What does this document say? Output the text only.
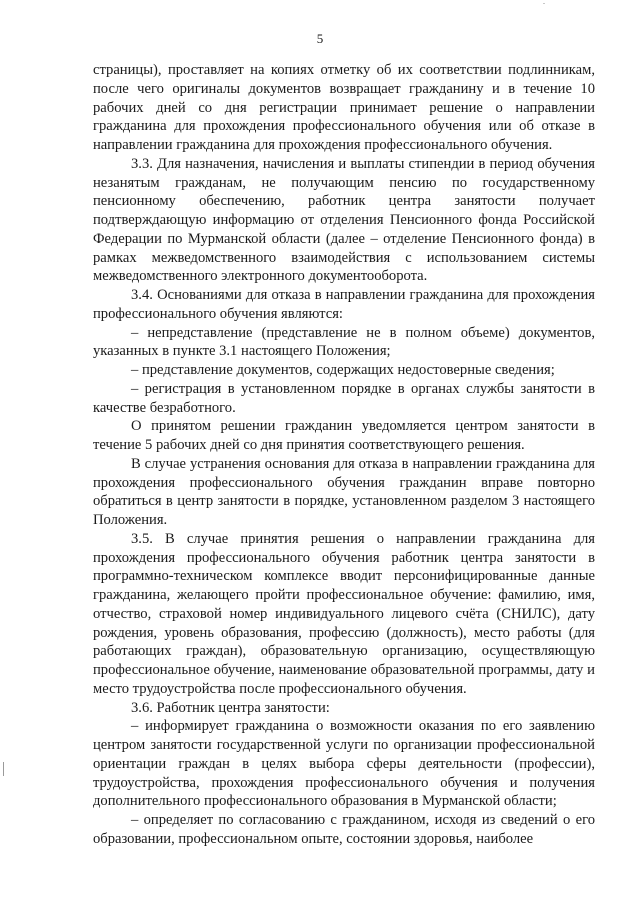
5

страницы), проставляет на копиях отметку об их соответствии подлинникам, после чего оригиналы документов возвращает гражданину и в течение 10 рабочих дней со дня регистрации принимает решение о направлении гражданина для прохождения профессионального обучения или об отказе в направлении гражданина для прохождения профессионального обучения.

3.3. Для назначения, начисления и выплаты стипендии в период обучения незанятым гражданам, не получающим пенсию по государственному пенсионному обеспечению, работник центра занятости получает подтверждающую информацию от отделения Пенсионного фонда Российской Федерации по Мурманской области (далее – отделение Пенсионного фонда) в рамках межведомственного взаимодействия с использованием системы межведомственного электронного документооборота.

3.4. Основаниями для отказа в направлении гражданина для прохождения профессионального обучения являются:

– непредставление (представление не в полном объеме) документов, указанных в пункте 3.1 настоящего Положения;

– представление документов, содержащих недостоверные сведения;

– регистрация в установленном порядке в органах службы занятости в качестве безработного.

О принятом решении гражданин уведомляется центром занятости в течение 5 рабочих дней со дня принятия соответствующего решения.

В случае устранения основания для отказа в направлении гражданина для прохождения профессионального обучения гражданин вправе повторно обратиться в центр занятости в порядке, установленном разделом 3 настоящего Положения.

3.5. В случае принятия решения о направлении гражданина для прохождения профессионального обучения работник центра занятости в программно-техническом комплексе вводит персонифицированные данные гражданина, желающего пройти профессиональное обучение: фамилию, имя, отчество, страховой номер индивидуального лицевого счёта (СНИЛС), дату рождения, уровень образования, профессию (должность), место работы (для работающих граждан), образовательную организацию, осуществляющую профессиональное обучение, наименование образовательной программы, дату и место трудоустройства после профессионального обучения.

3.6. Работник центра занятости:

– информирует гражданина о возможности оказания по его заявлению центром занятости государственной услуги по организации профессиональной ориентации граждан в целях выбора сферы деятельности (профессии), трудоустройства, прохождения профессионального обучения и получения дополнительного профессионального образования в Мурманской области;

– определяет по согласованию с гражданином, исходя из сведений о его образовании, профессиональном опыте, состоянии здоровья, наиболее
